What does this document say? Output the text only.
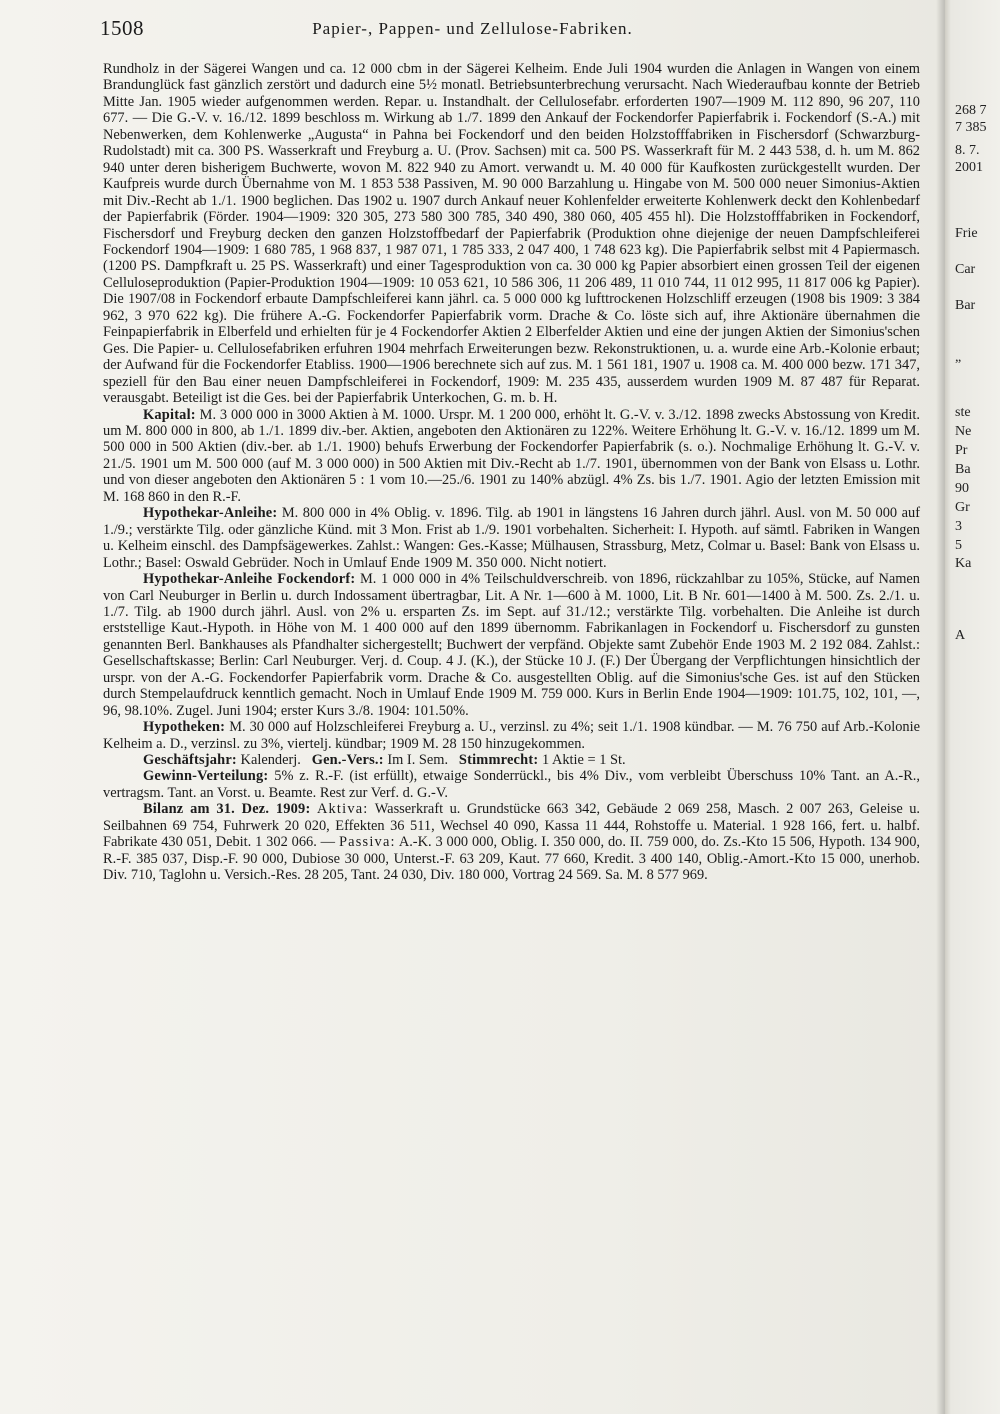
1508	Papier-, Pappen- und Zellulose-Fabriken.

Rundholz in der Sägerei Wangen und ca. 12 000 cbm in der Sägerei Kelheim. Ende Juli 1904 wurden die Anlagen in Wangen von einem Brandunglück fast gänzlich zerstört und dadurch eine 5½ monatl. Betriebsunterbrechung verursacht. Nach Wiederaufbau konnte der Betrieb Mitte Jan. 1905 wieder aufgenommen werden. Repar. u. Instandhalt. der Cellulosefabr. erforderten 1907—1909 M. 112 890, 96 207, 110 677. — Die G.-V. v. 16./12. 1899 beschloss m. Wirkung ab 1./7. 1899 den Ankauf der Fockendorfer Papierfabrik i. Fockendorf (S.-A.) mit Nebenwerken, dem Kohlenwerke „Augusta“ in Pahna bei Fockendorf und den beiden Holzstofffabriken in Fischersdorf (Schwarzburg-Rudolstadt) mit ca. 300 PS. Wasserkraft und Freyburg a. U. (Prov. Sachsen) mit ca. 500 PS. Wasserkraft für M. 2 443 538, d. h. um M. 862 940 unter deren bisherigem Buchwerte, wovon M. 822 940 zu Amort. verwandt u. M. 40 000 für Kaufkosten zurückgestellt wurden. Der Kaufpreis wurde durch Übernahme von M. 1 853 538 Passiven, M. 90 000 Barzahlung u. Hingabe von M. 500 000 neuer Simonius-Aktien mit Div.-Recht ab 1./1. 1900 beglichen. Das 1902 u. 1907 durch Ankauf neuer Kohlenfelder erweiterte Kohlenwerk deckt den Kohlenbedarf der Papierfabrik (Förder. 1904—1909: 320 305, 273 580 300 785, 340 490, 380 060, 405 455 hl). Die Holzstofffabriken in Fockendorf, Fischersdorf und Freyburg decken den ganzen Holzstoffbedarf der Papierfabrik (Produktion ohne diejenige der neuen Dampfschleiferei Fockendorf 1904—1909: 1 680 785, 1 968 837, 1 987 071, 1 785 333, 2 047 400, 1 748 623 kg). Die Papierfabrik selbst mit 4 Papiermasch. (1200 PS. Dampfkraft u. 25 PS. Wasserkraft) und einer Tagesproduktion von ca. 30 000 kg Papier absorbiert einen grossen Teil der eigenen Celluloseproduktion (Papier-Produktion 1904—1909: 10 053 621, 10 586 306, 11 206 489, 11 010 744, 11 012 995, 11 817 006 kg Papier). Die 1907/08 in Fockendorf erbaute Dampfschleiferei kann jährl. ca. 5 000 000 kg lufttrockenen Holzschliff erzeugen (1908 bis 1909: 3 384 962, 3 970 622 kg). Die frühere A.-G. Fockendorfer Papierfabrik vorm. Drache & Co. löste sich auf, ihre Aktionäre übernahmen die Feinpapierfabrik in Elberfeld und erhielten für je 4 Fockendorfer Aktien 2 Elberfelder Aktien und eine der jungen Aktien der Simonius'schen Ges. Die Papier- u. Cellulosefabriken erfuhren 1904 mehrfach Erweiterungen bezw. Rekonstruktionen, u. a. wurde eine Arb.-Kolonie erbaut; der Aufwand für die Fockendorfer Etabliss. 1900—1906 berechnete sich auf zus. M. 1 561 181, 1907 u. 1908 ca. M. 400 000 bezw. 171 347, speziell für den Bau einer neuen Dampfschleiferei in Fockendorf, 1909: M. 235 435, ausserdem wurden 1909 M. 87 487 für Reparat. verausgabt. Beteiligt ist die Ges. bei der Papierfabrik Unterkochen, G. m. b. H.

Kapital: M. 3 000 000 in 3000 Aktien à M. 1000. Urspr. M. 1 200 000, erhöht lt. G.-V. v. 3./12. 1898 zwecks Abstossung von Kredit. um M. 800 000 in 800, ab 1./1. 1899 div.-ber. Aktien, angeboten den Aktionären zu 122%. Weitere Erhöhung lt. G.-V. v. 16./12. 1899 um M. 500 000 in 500 Aktien (div.-ber. ab 1./1. 1900) behufs Erwerbung der Fockendorfer Papierfabrik (s. o.). Nochmalige Erhöhung lt. G.-V. v. 21./5. 1901 um M. 500 000 (auf M. 3 000 000) in 500 Aktien mit Div.-Recht ab 1./7. 1901, übernommen von der Bank von Elsass u. Lothr. und von dieser angeboten den Aktionären 5 : 1 vom 10.—25./6. 1901 zu 140% abzügl. 4% Zs. bis 1./7. 1901. Agio der letzten Emission mit M. 168 860 in den R.-F.

Hypothekar-Anleihe: M. 800 000 in 4% Oblig. v. 1896. Tilg. ab 1901 in längstens 16 Jahren durch jährl. Ausl. von M. 50 000 auf 1./9.; verstärkte Tilg. oder gänzliche Künd. mit 3 Mon. Frist ab 1./9. 1901 vorbehalten. Sicherheit: I. Hypoth. auf sämtl. Fabriken in Wangen u. Kelheim einschl. des Dampfsägewerkes. Zahlst.: Wangen: Ges.-Kasse; Mülhausen, Strassburg, Metz, Colmar u. Basel: Bank von Elsass u. Lothr.; Basel: Oswald Gebrüder. Noch in Umlauf Ende 1909 M. 350 000. Nicht notiert.

Hypothekar-Anleihe Fockendorf: M. 1 000 000 in 4% Teilschuldverschreib. von 1896, rückzahlbar zu 105%, Stücke, auf Namen von Carl Neuburger in Berlin u. durch Indossament übertragbar, Lit. A Nr. 1—600 à M. 1000, Lit. B Nr. 601—1400 à M. 500. Zs. 2./1. u. 1./7. Tilg. ab 1900 durch jährl. Ausl. von 2% u. ersparten Zs. im Sept. auf 31./12.; verstärkte Tilg. vorbehalten. Die Anleihe ist durch erststellige Kaut.-Hypoth. in Höhe von M. 1 400 000 auf den 1899 übernomm. Fabrikanlagen in Fockendorf u. Fischersdorf zu gunsten genannten Berl. Bankhauses als Pfandhalter sichergestellt; Buchwert der verpfänd. Objekte samt Zubehör Ende 1903 M. 2 192 084. Zahlst.: Gesellschaftskasse; Berlin: Carl Neuburger. Verj. d. Coup. 4 J. (K.), der Stücke 10 J. (F.) Der Übergang der Verpflichtungen hinsichtlich der urspr. von der A.-G. Fockendorfer Papierfabrik vorm. Drache & Co. ausgestellten Oblig. auf die Simonius'sche Ges. ist auf den Stücken durch Stempelaufdruck kenntlich gemacht. Noch in Umlauf Ende 1909 M. 759 000. Kurs in Berlin Ende 1904—1909: 101.75, 102, 101, —, 96, 98.10%. Zugel. Juni 1904; erster Kurs 3./8. 1904: 101.50%.

Hypotheken: M. 30 000 auf Holzschleiferei Freyburg a. U., verzinsl. zu 4%; seit 1./1. 1908 kündbar. — M. 76 750 auf Arb.-Kolonie Kelheim a. D., verzinsl. zu 3%, viertelj. kündbar; 1909 M. 28 150 hinzugekommen.

Geschäftsjahr: Kalenderj. Gen.-Vers.: Im I. Sem. Stimmrecht: 1 Aktie = 1 St.

Gewinn-Verteilung: 5% z. R.-F. (ist erfüllt), etwaige Sonderrückl., bis 4% Div., vom verbleibt Überschuss 10% Tant. an A.-R., vertragsm. Tant. an Vorst. u. Beamte. Rest zur Verf. d. G.-V.

Bilanz am 31. Dez. 1909: Aktiva: Wasserkraft u. Grundstücke 663 342, Gebäude 2 069 258, Masch. 2 007 263, Geleise u. Seilbahnen 69 754, Fuhrwerk 20 020, Effekten 36 511, Wechsel 40 090, Kassa 11 444, Rohstoffe u. Material. 1 928 166, fert. u. halbf. Fabrikate 430 051, Debit. 1 302 066. — Passiva: A.-K. 3 000 000, Oblig. I. 350 000, do. II. 759 000, do. Zs.-Kto 15 506, Hypoth. 134 900, R.-F. 385 037, Disp.-F. 90 000, Dubiose 30 000, Unterst.-F. 63 209, Kaut. 77 660, Kredit. 3 400 140, Oblig.-Amort.-Kto 15 000, unerhob. Div. 710, Taglohn u. Versich.-Res. 28 205, Tant. 24 030, Div. 180 000, Vortrag 24 569. Sa. M. 8 577 969.

268 7
7 385
8. 7.
2001
Frie
Car
Bar
„
ste
Ne
Pr
Ba
90
Gr
3
5
Ka
A
